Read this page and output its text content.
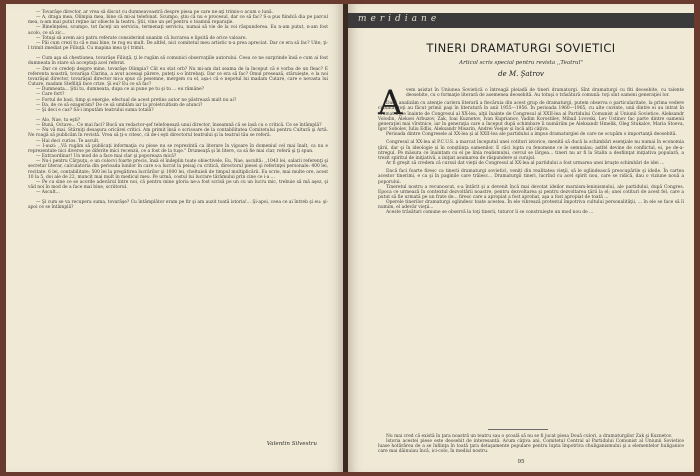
— Tovarăşe director, ar vrea să discut cu dumneavoastră despre piesa pe care ne-aţi trimis-o acum o lună.

— A, draga mea, Olimpia mea, bine că mi-ai telefonat. Scumpo, ştiu că nu e procesul, dar ce să fac? S-a pus fiindcă dia pe parcul mea, n-am mai putut reţine iar obiecte la teatru. Ştii, vine un şef pentru o toamnă reparaţie.

— Bineînţeles, scumpo, tot faceţi un serviciu, termenaţi serviciu, numai să vie de la voi răspunderea. Eu n-am putut, n-am fost acolo, ce să zic...

— Totuşi să avem aici patru referate considerind unanim că lucrarea e lipsită de orice valoare.

— Păi cum crezi tu că e mai bine, te rog eu mult. De altfel, nici comitetul meu artistic n-a prea apreciat. Dar ce era să fac? Uite, ţi-l trimit imediat pe Filiuţă. Cu mapina mea ţi-l trimit.

— Cum aşa să chestiunea, tovarăşe Filiuţă, ţi le rugăm să comunici observaţiile autorului. Ceea ce ne surprinde însă e cum ai fost dumneata în stare să acceptaţi acel referat.

— Dar ce credeţi despre mine, tovarăşe Olimpia? Cât eu stat orb? Nu mi-am dat seama de la început că e vorba de un fleac? E referenta noastră, tovarăşa Clarina, a avut aceeaşi părere, puteţi s-o întrebaţi. Dar ce era să fac? Omul presează, stăruieşte, e la noi tovarăşul director, tovarăşul director mi-a spus că pesemne, mergem cu el, aşa-i că e nepotul lui madam Cutare, care e nevasta lui Cutare, madam Stefiliţă face crize. Şi eu? Eu ce să fac?

— Dumneata... Ştii tu, dumneata, dupa ce ai pune pe tu şi tu ... eu rămâne?

— Care fort?

— Fortul de basi, timp şi energie, efectual de acest pretins autor ne păstrează mult nu ai?

— Da, de ce să ezagerăm? De ce să umblăm iar la proletcultism de atunci?

— Şi deci e caz? Să-i imputăm teatrului suma totală?

— Alo, Nae, tu eşti?

— Bună, Octave... Ce mai faci? Bucă un redactor-şef telefonează unui director, înseamnă că se lasă cu o critică. Ce se întâmplă?

— Nu vă mai. Stârniţi desaşura oricărei critici. Am primit însă o scrisoare de la contabilitatea Comitetului pentru Cultură şi Artă. Ne roagă să publicăm în revistă. Vrea să ţi-o citesc, că de-i eşti directorul teatrului şi la teatrul tău se referă.

— Hai deci curios. Te ascult.

— I-auzi: ,,Vă rugăm să publicaţi informaţia cu piese nu se reprezintă ca literare în vigoare în domeniul cel mai înalt, ca nu e reprezentate nici diverse pe diferite mici recenzii, ce a fost de la tuşe." Drumeaţă şi în litere, ca să fie mai clar, referă şi ţi spun.

— Extraordinar! Un mod de a face mai clar şi poporeaza mică?

— Nu-i pentru Cârpuţu, e un colocvi foarte precis, însă el îndeplin toate obiectivele. Eu, Nae, ascultă: ,,1043 lei, salarii referenţi şi secretar literar, calculatoria din perioada lunilor în care s-a lucrat la peisaj cu critică, directorul piesei şi referinţei personale: 400 lei, recitate. 6 lei, contabilitate; 500 lei la pregătirea lucrărilor şi 1000 lei, cheltuieli de timpul multiplicării. Eu scrie, mai multe ore, acest 10 la 5, doi ale de 22, muncit mai mult în medicul meu. Pe urmă, costul lui lucrare tărâmului prin cine ce i-a ...

— Pe cu sine ce se acorde adevărul între noi, că pentru mine gloria ne-a fost scrisă pe un cu un lucru mic, trebuie să mă aşez, şi văd noi în mod de a face mai bine, scriitorul.

— Ascult...

— Şi cum se va recupera suma, tovarăşe? Cu întâmplător eram pe fir şi am auzit toată istoria!... Şi-apoi, ceea ce ai întreb şi eu: şi-apoi ce se întâmplă?

Valentin Silvestru
meridiane
TINERI DRAMATURGI SOVIETICI
Articol scris special pentru revista ,,Teatrul"
de M. Şatrov
A vem asistat în Uniunea Sovietică o întreagă pleiadă de tineri dramaturgi. Sînt dramaturgi cu fiti deosebite, cu talente deosebite, cu o formaţie literară de asemenea deosebită. Au totuşi o trăsătură comună: toţi sînt oameni generaţiei lor.

Dacă analizăm cu atenţie cariera literară a fiecăruia din acest grup de dramaturgi, putem observa o particularitate, la prima vedere ciudată: toţi au făcut primii paşi în literatură în anii 1955—1956. În perioada 1960—1965, cu alte cuvinte, unii dintre ei au intrat în dramaturgie înainte de Congresul al XX-lea, alţii înainte de Congresul al XXII-lea al Partidului Comunist al Uniunii Sovietice. Aleksandr Volodin, Aleksei Arbuzov, Zak, Ioai Kuznetov, Ivan Kuprianov, Vadim Korostilev, Mihail Lvovski, Lev Ustinov fac parte dintre oamenii generaţiei mai vîrstnice, iar în generaţia care a început după schimbare îi numărăm pe Aleksandr Hmelik, Oleg Stukalov, Maria Stoeva, Igor Sobolev, Iuliu Edlis, Aleksandr Misarin, Andrei Voejav și încă alți câţiva.

Perioada dintre Congresele al XX-lea şi al XXII-lea ale partidului a impus dramaturgiei de care ne ocupăm o importanţă deosebită.

Congresul al XX-lea al P.C.U.S. a marcat începutul unei cotituri istorice, menită să ducă la schimbări esenţiale nu numai în economia ţării, dar şi în ideologie și în conştiinţa oamenilor. E căci lupta cu fenomene ce le semnalau; astfel devine de conflictul, ei, pe de-a-ntregul. Pe măsura ce înaintam cu el pe linia realismului, cercul se lărgea... tineri nu ar fi la Stalin a desfiinţat iniţiativa populară, a trezit spiritul de iniţiativă, a iniţiat asumarea de răspundere și curajul.

Ar fi greşit să credem că cursul dat vieţii de Congresul al XX-lea al partidului a fost urmarea unei bruşte schimbări de idei ...

Dacă faci foarte firesc ca tinerii dramaturgi sovietici, veniți din realitatea vieţii, să le oglindească preocupările şi ideile. În cartea acestor tinerimi, e ca şi în paginile care trăiesc... Dramaturgii tineri, lucrînd cu acel spirit nou, care se ridică, dau o viziune nouă a poporului.

Tineretul nostru a recunoscut, s-a întărit şi a devenit încă mai devotat ideilor marxism-leninismului, ale partidului, după Congres. Epoca ce urmează în contextul dezvoltării noastre, pentru dezvoltarea şi pentru dezvoltarea ţării la el; unei cotituri de acest fel, care a putut să fie urmată pe un frate de... firesc care a apropiat a fost aprobat, aşa a fost apropiat de toată ...

Operele tinerilor dramaturgi oglindesc toate acestea. În ele vibrează protestul împotriva cultului personalităţii, ... în ele se face să îi numim, el adevăr vieţii...

Aceste trăsături comune se observă la toţi tinerii, tuturor li se construieşte un mod nou de ...

Nu mai cred că există în ţara noastră un teatru sau o şcoală să nu se fi jucat piesa Două culori, a dramaturgilor Zak şi Kuznetov.

Istoria acestei piese este deosebit de interesantă. Acum câţiva ani, Comitetul Central al Partidului Comunist al Uniunii Sovietice luase hotărârea de a se înfiinţa în toată ţara detaşamente populare pentru lupta împotriva chuliganismului şi a elementelor huliganice care mai dăinuiau încă, ici-colo, în mediul nostru.

95
